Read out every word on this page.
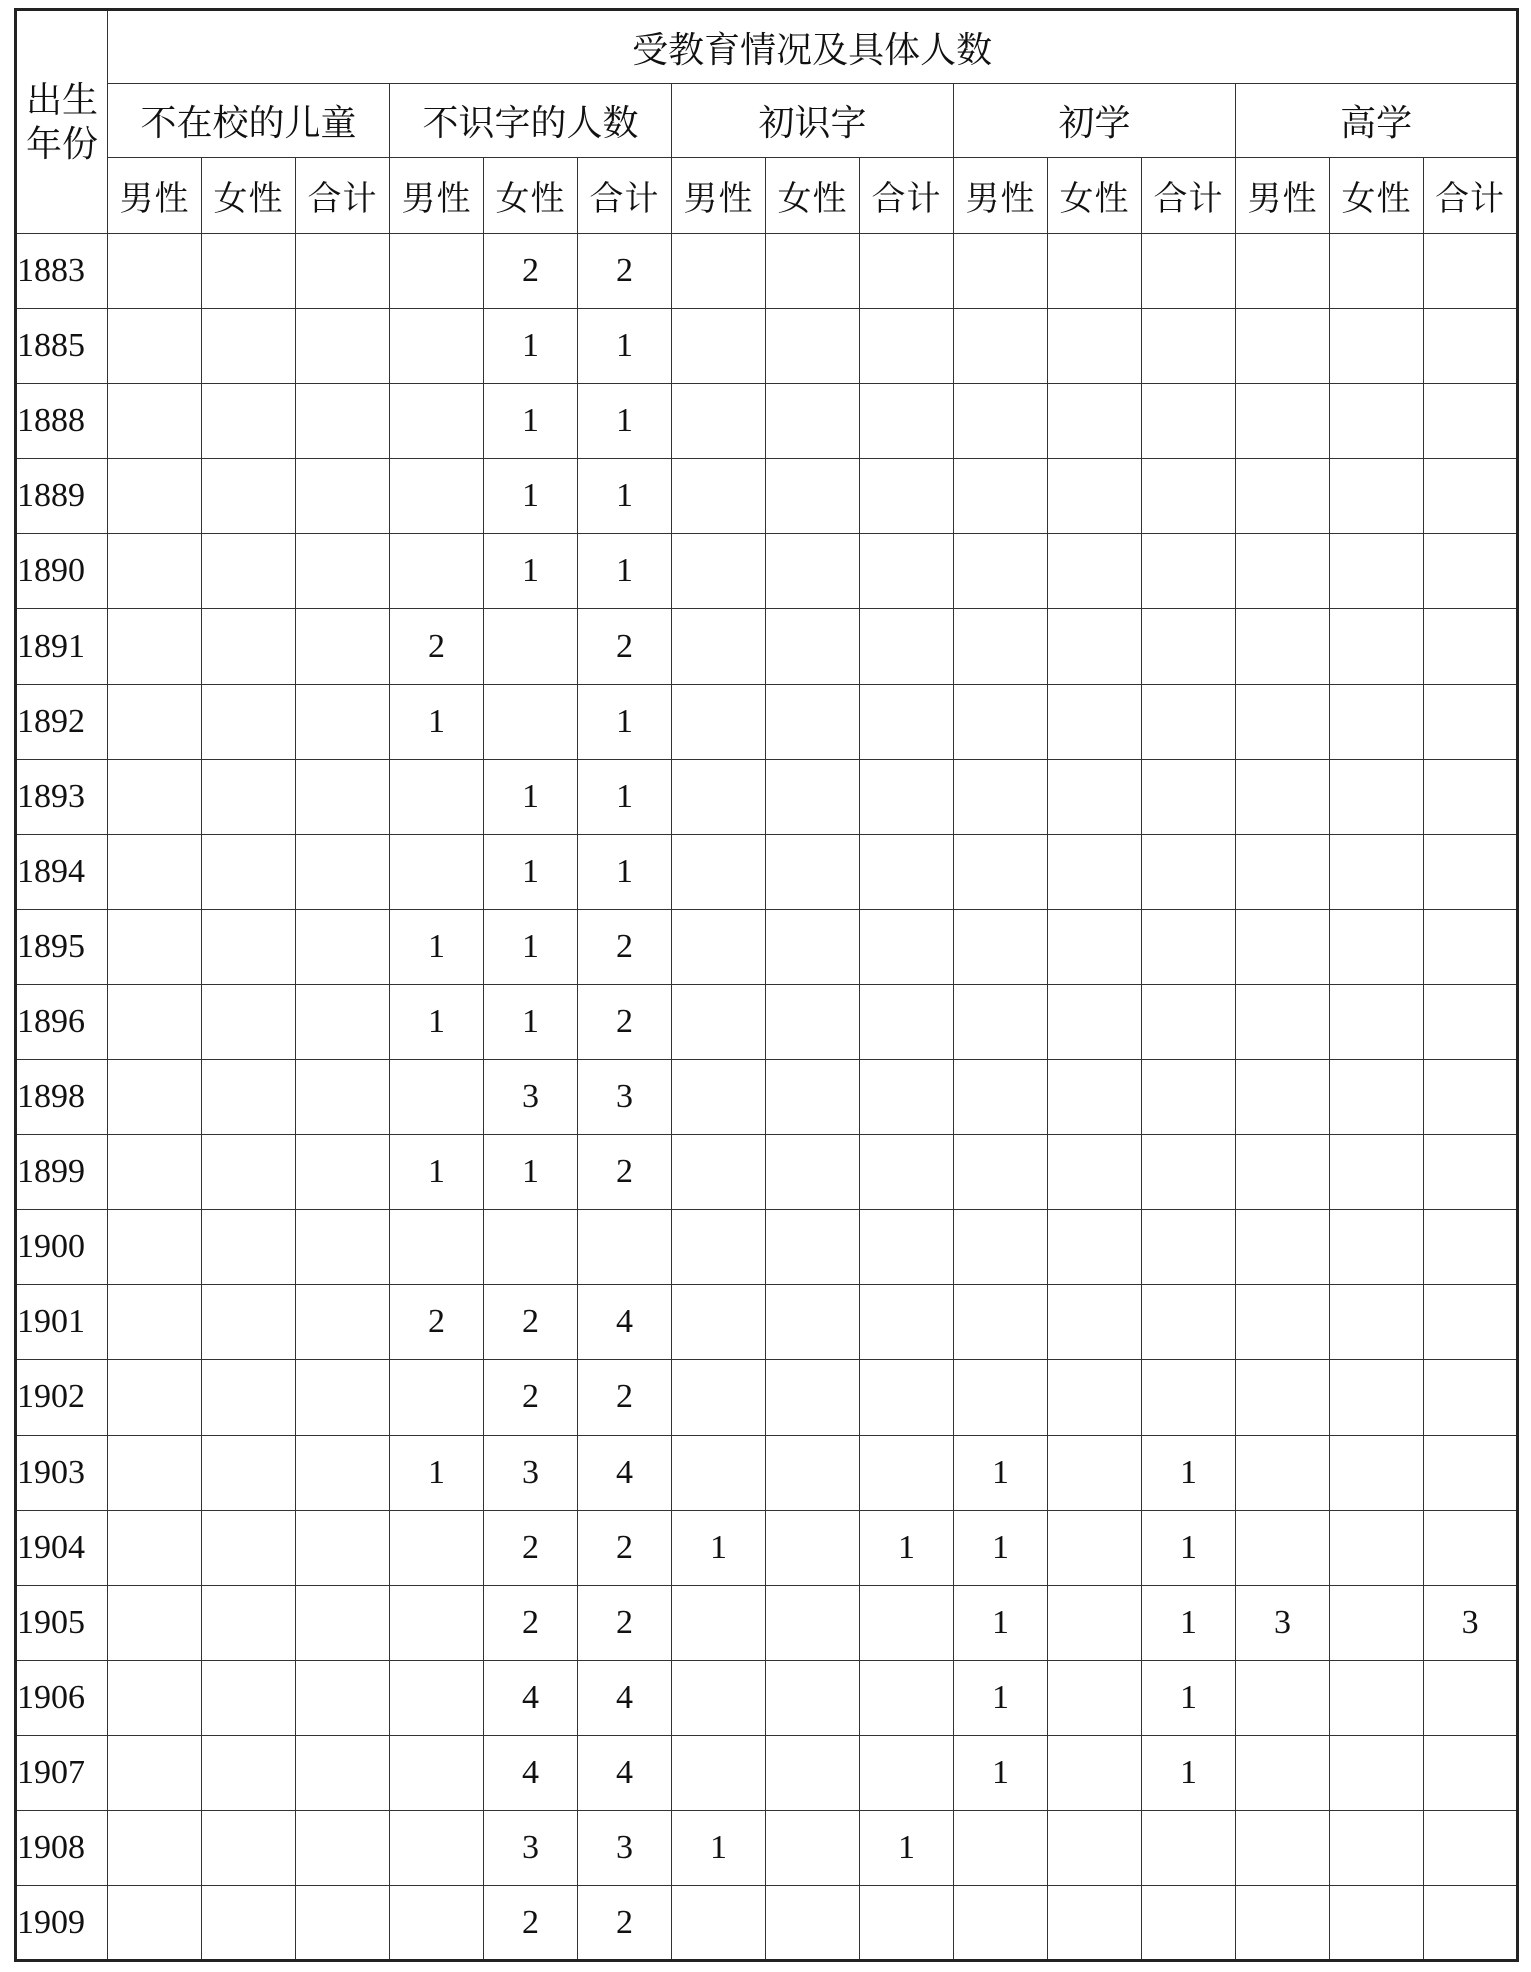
出生
年份	受教育情况及具体人数														
	不在校的儿童			不识字的人数			初识字			初学			高学		
	男性	女性	合计	男性	女性	合计	男性	女性	合计	男性	女性	合计	男性	女性	合计
1883					2	2									
1885					1	1									
1888					1	1									
1889					1	1									
1890					1	1									
1891				2		2									
1892				1		1									
1893					1	1									
1894					1	1									
1895				1	1	2									
1896				1	1	2									
1898					3	3									
1899				1	1	2									
1900															
1901				2	2	4									
1902					2	2									
1903				1	3	4				1		1			
1904					2	2	1		1	1		1			
1905					2	2				1		1	3		3
1906					4	4				1		1			
1907					4	4				1		1			
1908					3	3	1		1						
1909					2	2									
